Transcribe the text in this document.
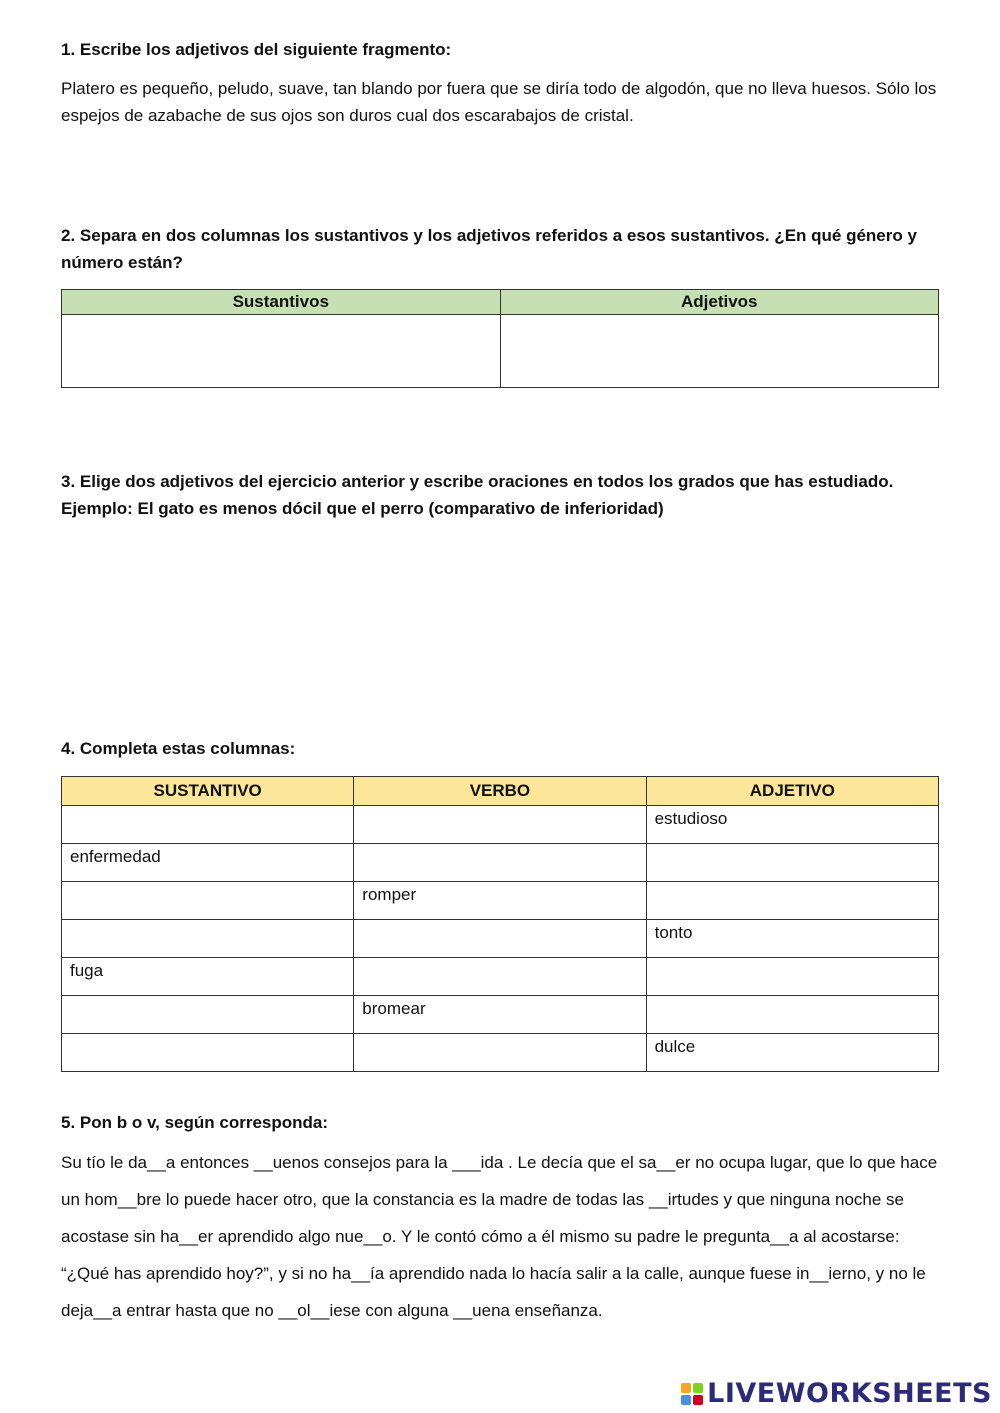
1. Escribe los adjetivos del siguiente fragmento:
Platero es pequeño, peludo, suave, tan blando por fuera que se diría todo de algodón, que no lleva huesos. Sólo los espejos de azabache de sus ojos son duros cual dos escarabajos de cristal.
2. Separa en dos columnas los sustantivos y los adjetivos referidos a esos sustantivos. ¿En qué género y número están?
Sustantivos	Adjetivos

3. Elige dos adjetivos del ejercicio anterior y escribe oraciones en todos los grados que has estudiado.
Ejemplo: El gato es menos dócil que el perro (comparativo de inferioridad)
4. Completa estas columnas:
SUSTANTIVO	VERBO	ADJETIVO
		estudioso
enfermedad		
	romper	
		tonto
fuga		
	bromear	
		dulce
5. Pon b o v, según corresponda:
Su tío le da__a entonces __uenos consejos para la ___ida . Le decía que el sa__er no ocupa lugar, que lo que hace un hom__bre lo puede hacer otro, que la constancia es la madre de todas las __irtudes y que ninguna noche se acostase sin ha__er aprendido algo nue__o. Y le contó cómo a él mismo su padre le pregunta__a al acostarse: “¿Qué has aprendido hoy?”, y si no ha__ía aprendido nada lo hacía salir a la calle, aunque fuese in__ierno, y no le deja__a entrar hasta que no __ol__iese con alguna __uena enseñanza.
LIVEWORKSHEETS
